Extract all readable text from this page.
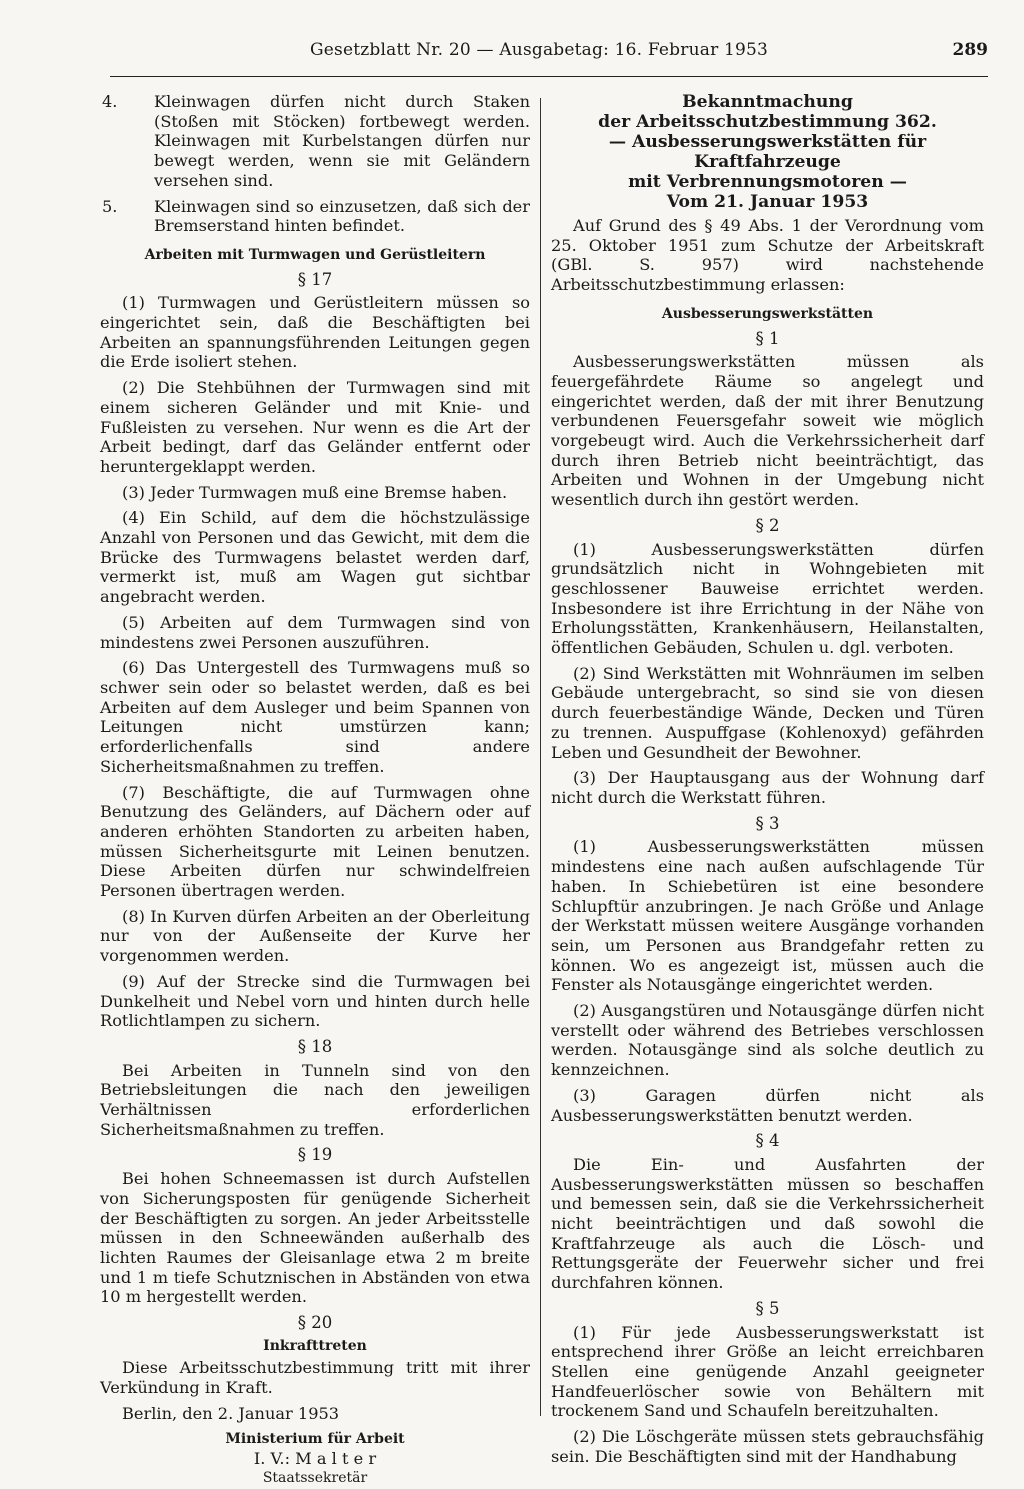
Gesetzblatt Nr. 20 — Ausgabetag: 16. Februar 1953	289
4.	Kleinwagen dürfen nicht durch Staken (Stoßen mit Stöcken) fortbewegt werden. Kleinwagen mit Kurbelstangen dürfen nur bewegt werden, wenn sie mit Geländern versehen sind.
5.	Kleinwagen sind so einzusetzen, daß sich der Bremserstand hinten befindet.
Arbeiten mit Turmwagen und Gerüstleitern
§ 17

(1) Turmwagen und Gerüstleitern müssen so eingerichtet sein, daß die Beschäftigten bei Arbeiten an spannungsführenden Leitungen gegen die Erde isoliert stehen.

(2) Die Stehbühnen der Turmwagen sind mit einem sicheren Geländer und mit Knie- und Fußleisten zu versehen. Nur wenn es die Art der Arbeit bedingt, darf das Geländer entfernt oder heruntergeklappt werden.

(3) Jeder Turmwagen muß eine Bremse haben.

(4) Ein Schild, auf dem die höchstzulässige Anzahl von Personen und das Gewicht, mit dem die Brücke des Turmwagens belastet werden darf, vermerkt ist, muß am Wagen gut sichtbar angebracht werden.

(5) Arbeiten auf dem Turmwagen sind von mindestens zwei Personen auszuführen.

(6) Das Untergestell des Turmwagens muß so schwer sein oder so belastet werden, daß es bei Arbeiten auf dem Ausleger und beim Spannen von Leitungen nicht umstürzen kann; erforderlichenfalls sind andere Sicherheitsmaßnahmen zu treffen.

(7) Beschäftigte, die auf Turmwagen ohne Benutzung des Geländers, auf Dächern oder auf anderen erhöhten Standorten zu arbeiten haben, müssen Sicherheitsgurte mit Leinen benutzen. Diese Arbeiten dürfen nur schwindelfreien Personen übertragen werden.

(8) In Kurven dürfen Arbeiten an der Oberleitung nur von der Außenseite der Kurve her vorgenommen werden.

(9) Auf der Strecke sind die Turmwagen bei Dunkelheit und Nebel vorn und hinten durch helle Rotlichtlampen zu sichern.

§ 18

Bei Arbeiten in Tunneln sind von den Betriebsleitungen die nach den jeweiligen Verhältnissen erforderlichen Sicherheitsmaßnahmen zu treffen.

§ 19

Bei hohen Schneemassen ist durch Aufstellen von Sicherungsposten für genügende Sicherheit der Beschäftigten zu sorgen. An jeder Arbeitsstelle müssen in den Schneewänden außerhalb des lichten Raumes der Gleisanlage etwa 2 m breite und 1 m tiefe Schutznischen in Abständen von etwa 10 m hergestellt werden.

§ 20
Inkrafttreten

Diese Arbeitsschutzbestimmung tritt mit ihrer Verkündung in Kraft.

Berlin, den 2. Januar 1953

Ministerium für Arbeit

I. V.: M a l t e r

Staatssekretär

Bekanntmachung
der Arbeitsschutzbestimmung 362.
— Ausbesserungswerkstätten für Kraftfahrzeuge
mit Verbrennungsmotoren —
Vom 21. Januar 1953

Auf Grund des § 49 Abs. 1 der Verordnung vom 25. Oktober 1951 zum Schutze der Arbeitskraft (GBl. S. 957) wird nachstehende Arbeitsschutzbestimmung erlassen:

Ausbesserungswerkstätten
§ 1

Ausbesserungswerkstätten müssen als feuergefährdete Räume so angelegt und eingerichtet werden, daß der mit ihrer Benutzung verbundenen Feuersgefahr soweit wie möglich vorgebeugt wird. Auch die Verkehrssicherheit darf durch ihren Betrieb nicht beeinträchtigt, das Arbeiten und Wohnen in der Umgebung nicht wesentlich durch ihn gestört werden.

§ 2

(1) Ausbesserungswerkstätten dürfen grundsätzlich nicht in Wohngebieten mit geschlossener Bauweise errichtet werden. Insbesondere ist ihre Errichtung in der Nähe von Erholungsstätten, Krankenhäusern, Heilanstalten, öffentlichen Gebäuden, Schulen u. dgl. verboten.

(2) Sind Werkstätten mit Wohnräumen im selben Gebäude untergebracht, so sind sie von diesen durch feuerbeständige Wände, Decken und Türen zu trennen. Auspuffgase (Kohlenoxyd) gefährden Leben und Gesundheit der Bewohner.

(3) Der Hauptausgang aus der Wohnung darf nicht durch die Werkstatt führen.

§ 3

(1) Ausbesserungswerkstätten müssen mindestens eine nach außen aufschlagende Tür haben. In Schiebetüren ist eine besondere Schlupftür anzubringen. Je nach Größe und Anlage der Werkstatt müssen weitere Ausgänge vorhanden sein, um Personen aus Brandgefahr retten zu können. Wo es angezeigt ist, müssen auch die Fenster als Notausgänge eingerichtet werden.

(2) Ausgangstüren und Notausgänge dürfen nicht verstellt oder während des Betriebes verschlossen werden. Notausgänge sind als solche deutlich zu kennzeichnen.

(3) Garagen dürfen nicht als Ausbesserungswerkstätten benutzt werden.

§ 4

Die Ein- und Ausfahrten der Ausbesserungswerkstätten müssen so beschaffen und bemessen sein, daß sie die Verkehrssicherheit nicht beeinträchtigen und daß sowohl die Kraftfahrzeuge als auch die Lösch- und Rettungsgeräte der Feuerwehr sicher und frei durchfahren können.

§ 5

(1) Für jede Ausbesserungswerkstatt ist entsprechend ihrer Größe an leicht erreichbaren Stellen eine genügende Anzahl geeigneter Handfeuerlöscher sowie von Behältern mit trockenem Sand und Schaufeln bereitzuhalten.

(2) Die Löschgeräte müssen stets gebrauchsfähig sein. Die Beschäftigten sind mit der Handhabung
